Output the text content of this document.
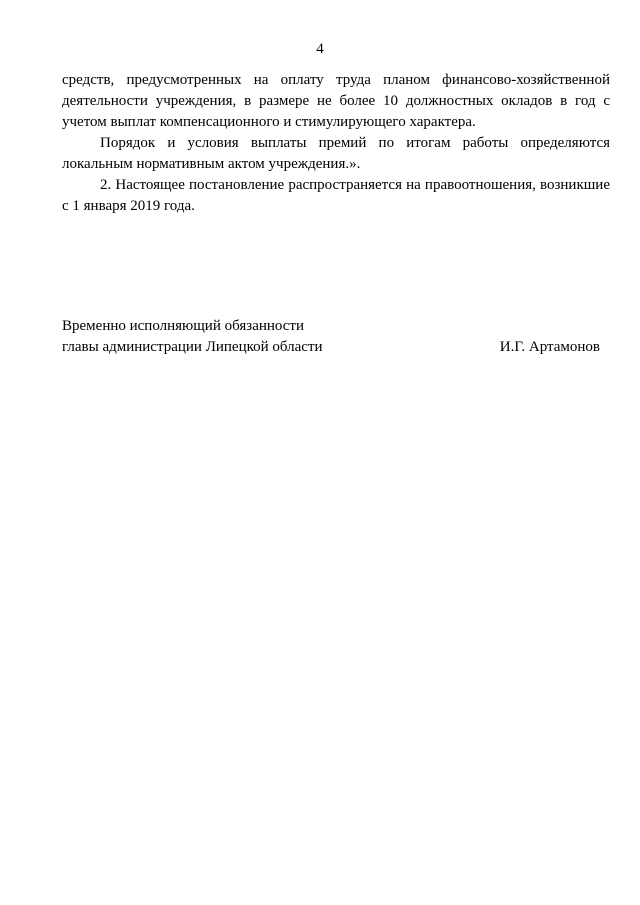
4

средств, предусмотренных на оплату труда планом финансово-хозяйственной деятельности учреждения, в размере не более 10 должностных окладов в год с учетом выплат компенсационного и стимулирующего характера.

Порядок и условия выплаты премий по итогам работы определяются локальным нормативным актом учреждения.».

2. Настоящее постановление распространяется на правоотношения, возникшие с 1 января 2019 года.

Временно исполняющий обязанности
главы администрации Липецкой области	И.Г. Артамонов
